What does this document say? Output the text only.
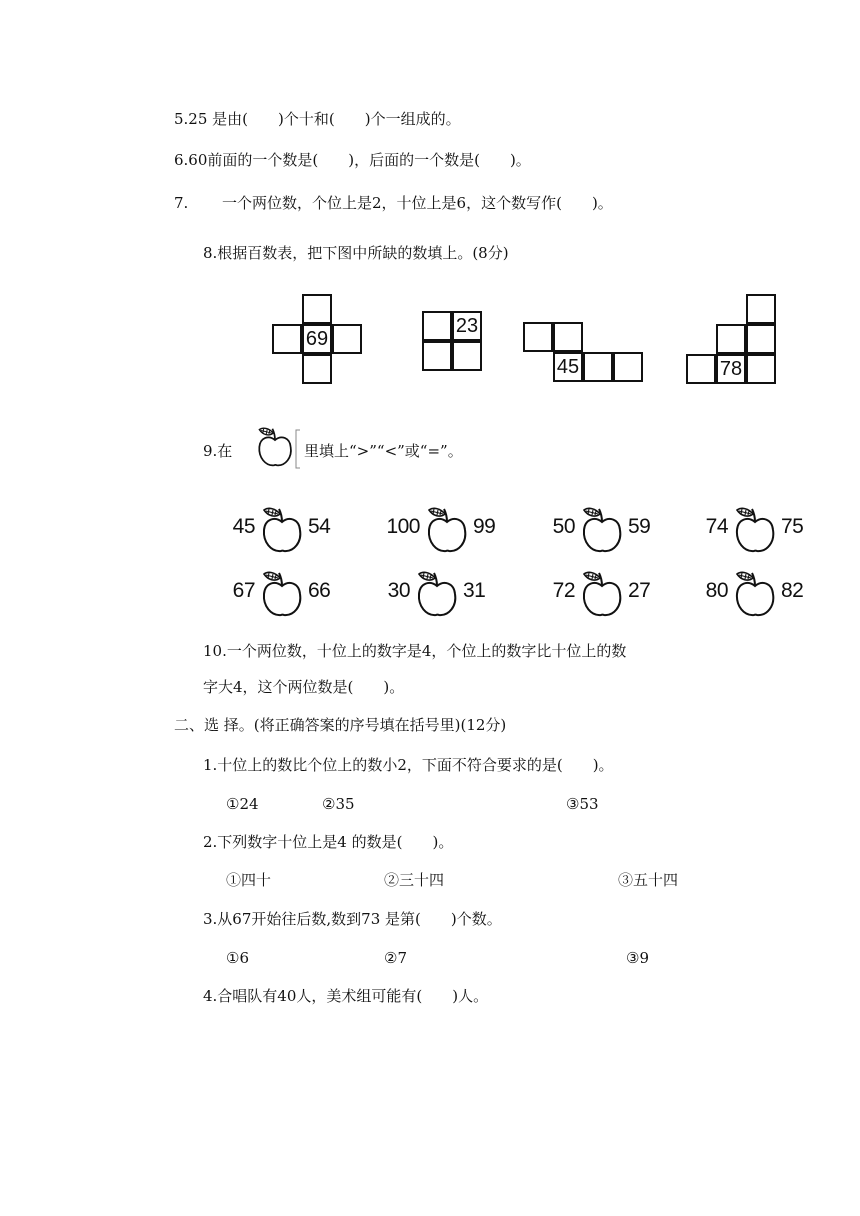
5.25 是由(　　)个十和(　　)个一组成的。
6.60前面的一个数是(　　)，后面的一个数是(　　)。
7. 一个两位数，个位上是2，十位上是6，这个数写作(　　)。
8.根据百数表，把下图中所缺的数填上。(8分)
69
23
45	78
9.在	里填上“>”“<”或“=”。
45	54	100	99	50	59	74	75
67	66	30	31	72	27	80	82
10.一个两位数，十位上的数字是4，个位上的数字比十位上的数
字大4，这个两位数是(　　)。
二、选 择。(将正确答案的序号填在括号里)(12分)
1.十位上的数比个位上的数小2，下面不符合要求的是(　　)。
①24	②35	③53
2.下列数字十位上是4 的数是(　　)。
①四十	②三十四	③五十四
3.从67开始往后数,数到73 是第(　　)个数。
①6	②7	③9
4.合唱队有40人，美术组可能有(　　)人。
